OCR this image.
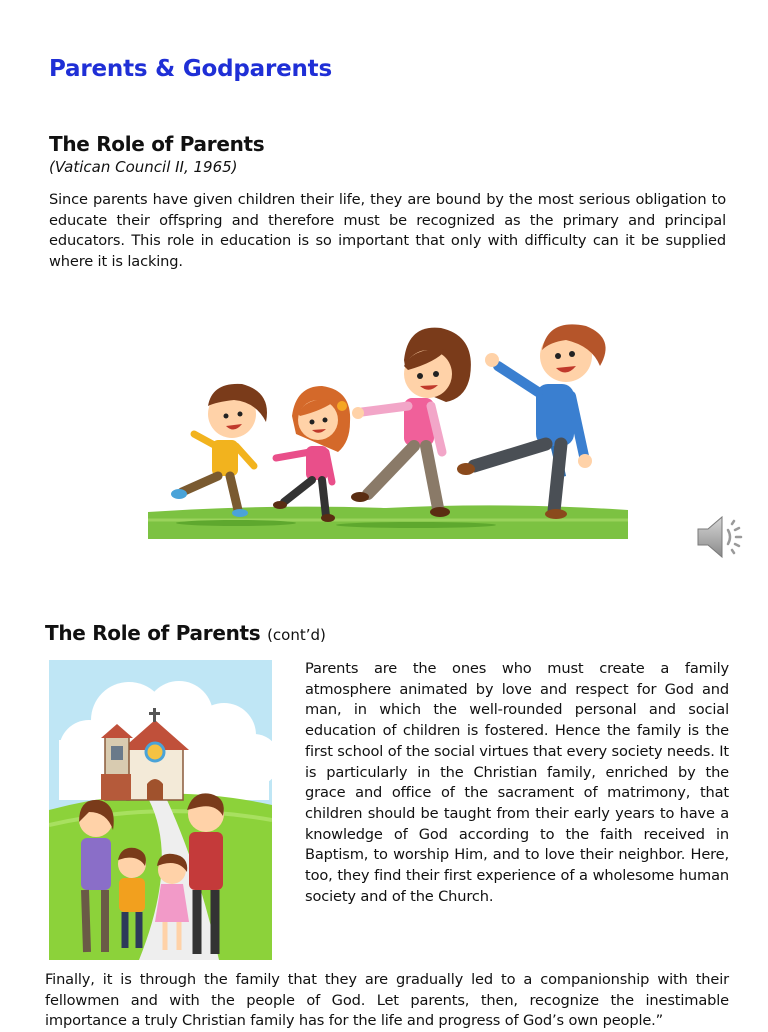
Parents & Godparents
The Role of Parents
(Vatican Council II, 1965)

Since parents have given children their life, they are bound by the most serious obligation to educate their offspring and therefore must be recognized as the primary and principal educators. This role in education is so important that only with difficulty can it be supplied where it is lacking.

The Role of Parents (cont’d)

Parents are the ones who must create a family atmosphere animated by love and respect for God and man, in which the well-rounded personal and social education of children is fostered. Hence the family is the first school of the social virtues that every society needs. It is particularly in the Christian family, enriched by the grace and office of the sacrament of matrimony, that children should be taught from their early years to have a knowledge of God according to the faith received in Baptism, to worship Him, and to love their neighbor. Here, too, they find their first experience of a wholesome human society and of the Church.

Finally, it is through the family that they are gradually led to a companionship with their fellowmen and with the people of God. Let parents, then, recognize the inestimable importance a truly Christian family has for the life and progress of God’s own people.”
